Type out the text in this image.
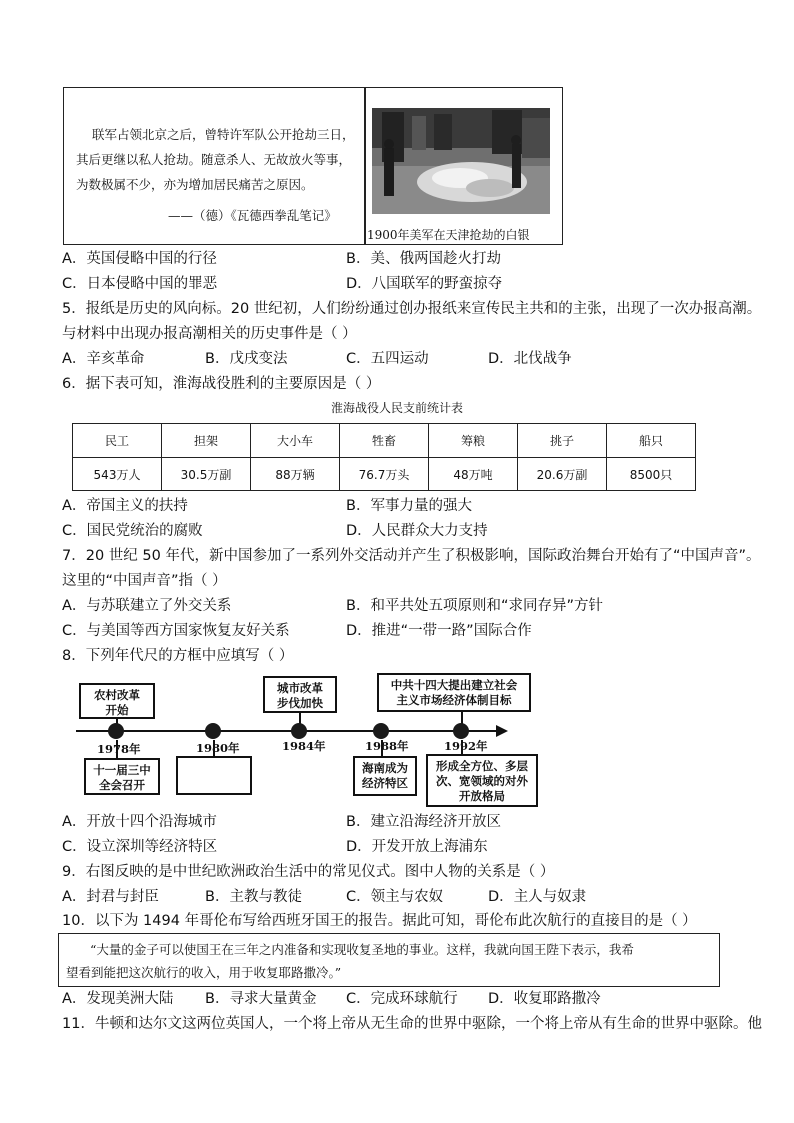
联军占领北京之后，曾特许军队公开抢劫三日，
其后更继以私人抢劫。随意杀人、无故放火等事，
为数极属不少，亦为增加居民痛苦之原因。
——（德）《瓦德西拳乱笔记》
1900年美军在天津抢劫的白银
A．英国侵略中国的行径	B．美、俄两国趁火打劫
C．日本侵略中国的罪恶	D．八国联军的野蛮掠夺
5．报纸是历史的风向标。20 世纪初，人们纷纷通过创办报纸来宣传民主共和的主张，出现了一次办报高潮。
与材料中出现办报高潮相关的历史事件是（ ）
A．辛亥革命	B．戊戌变法	C．五四运动	D．北伐战争
6．据下表可知，淮海战役胜利的主要原因是（ ）
淮海战役人民支前统计表
民工	担架	大小车	牲畜	筹粮	挑子	船只
543万人	30.5万副	88万辆	76.7万头	48万吨	20.6万副	8500只
A．帝国主义的扶持	B．军事力量的强大
C．国民党统治的腐败	D．人民群众大力支持
7．20 世纪 50 年代，新中国参加了一系列外交活动并产生了积极影响，国际政治舞台开始有了“中国声音”。
这里的“中国声音”指（ ）
A．与苏联建立了外交关系	B．和平共处五项原则和“求同存异”方针
C．与美国等西方国家恢复友好关系	D．推进“一带一路”国际合作
8．下列年代尺的方框中应填写（ ）
1978年	1980年	1984年	1988年	1992年
农村改革
开始
城市改革
步伐加快
中共十四大提出建立社会
主义市场经济体制目标
十一届三中
全会召开
海南成为
经济特区
形成全方位、多层
次、宽领域的对外
开放格局
A．开放十四个沿海城市	B．建立沿海经济开放区
C．设立深圳等经济特区	D．开发开放上海浦东
9．右图反映的是中世纪欧洲政治生活中的常见仪式。图中人物的关系是（ ）
A．封君与封臣	B．主教与教徒	C．领主与农奴	D．主人与奴隶
10．以下为 1494 年哥伦布写给西班牙国王的报告。据此可知，哥伦布此次航行的直接目的是（ ）
“大量的金子可以使国王在三年之内准备和实现收复圣地的事业。这样，我就向国王陛下表示，我希
望看到能把这次航行的收入，用于收复耶路撒冷。”
A．发现美洲大陆 B．寻求大量黄金 C．完成环球航行 D．收复耶路撒冷
11．牛顿和达尔文这两位英国人，一个将上帝从无生命的世界中驱除，一个将上帝从有生命的世界中驱除。他
